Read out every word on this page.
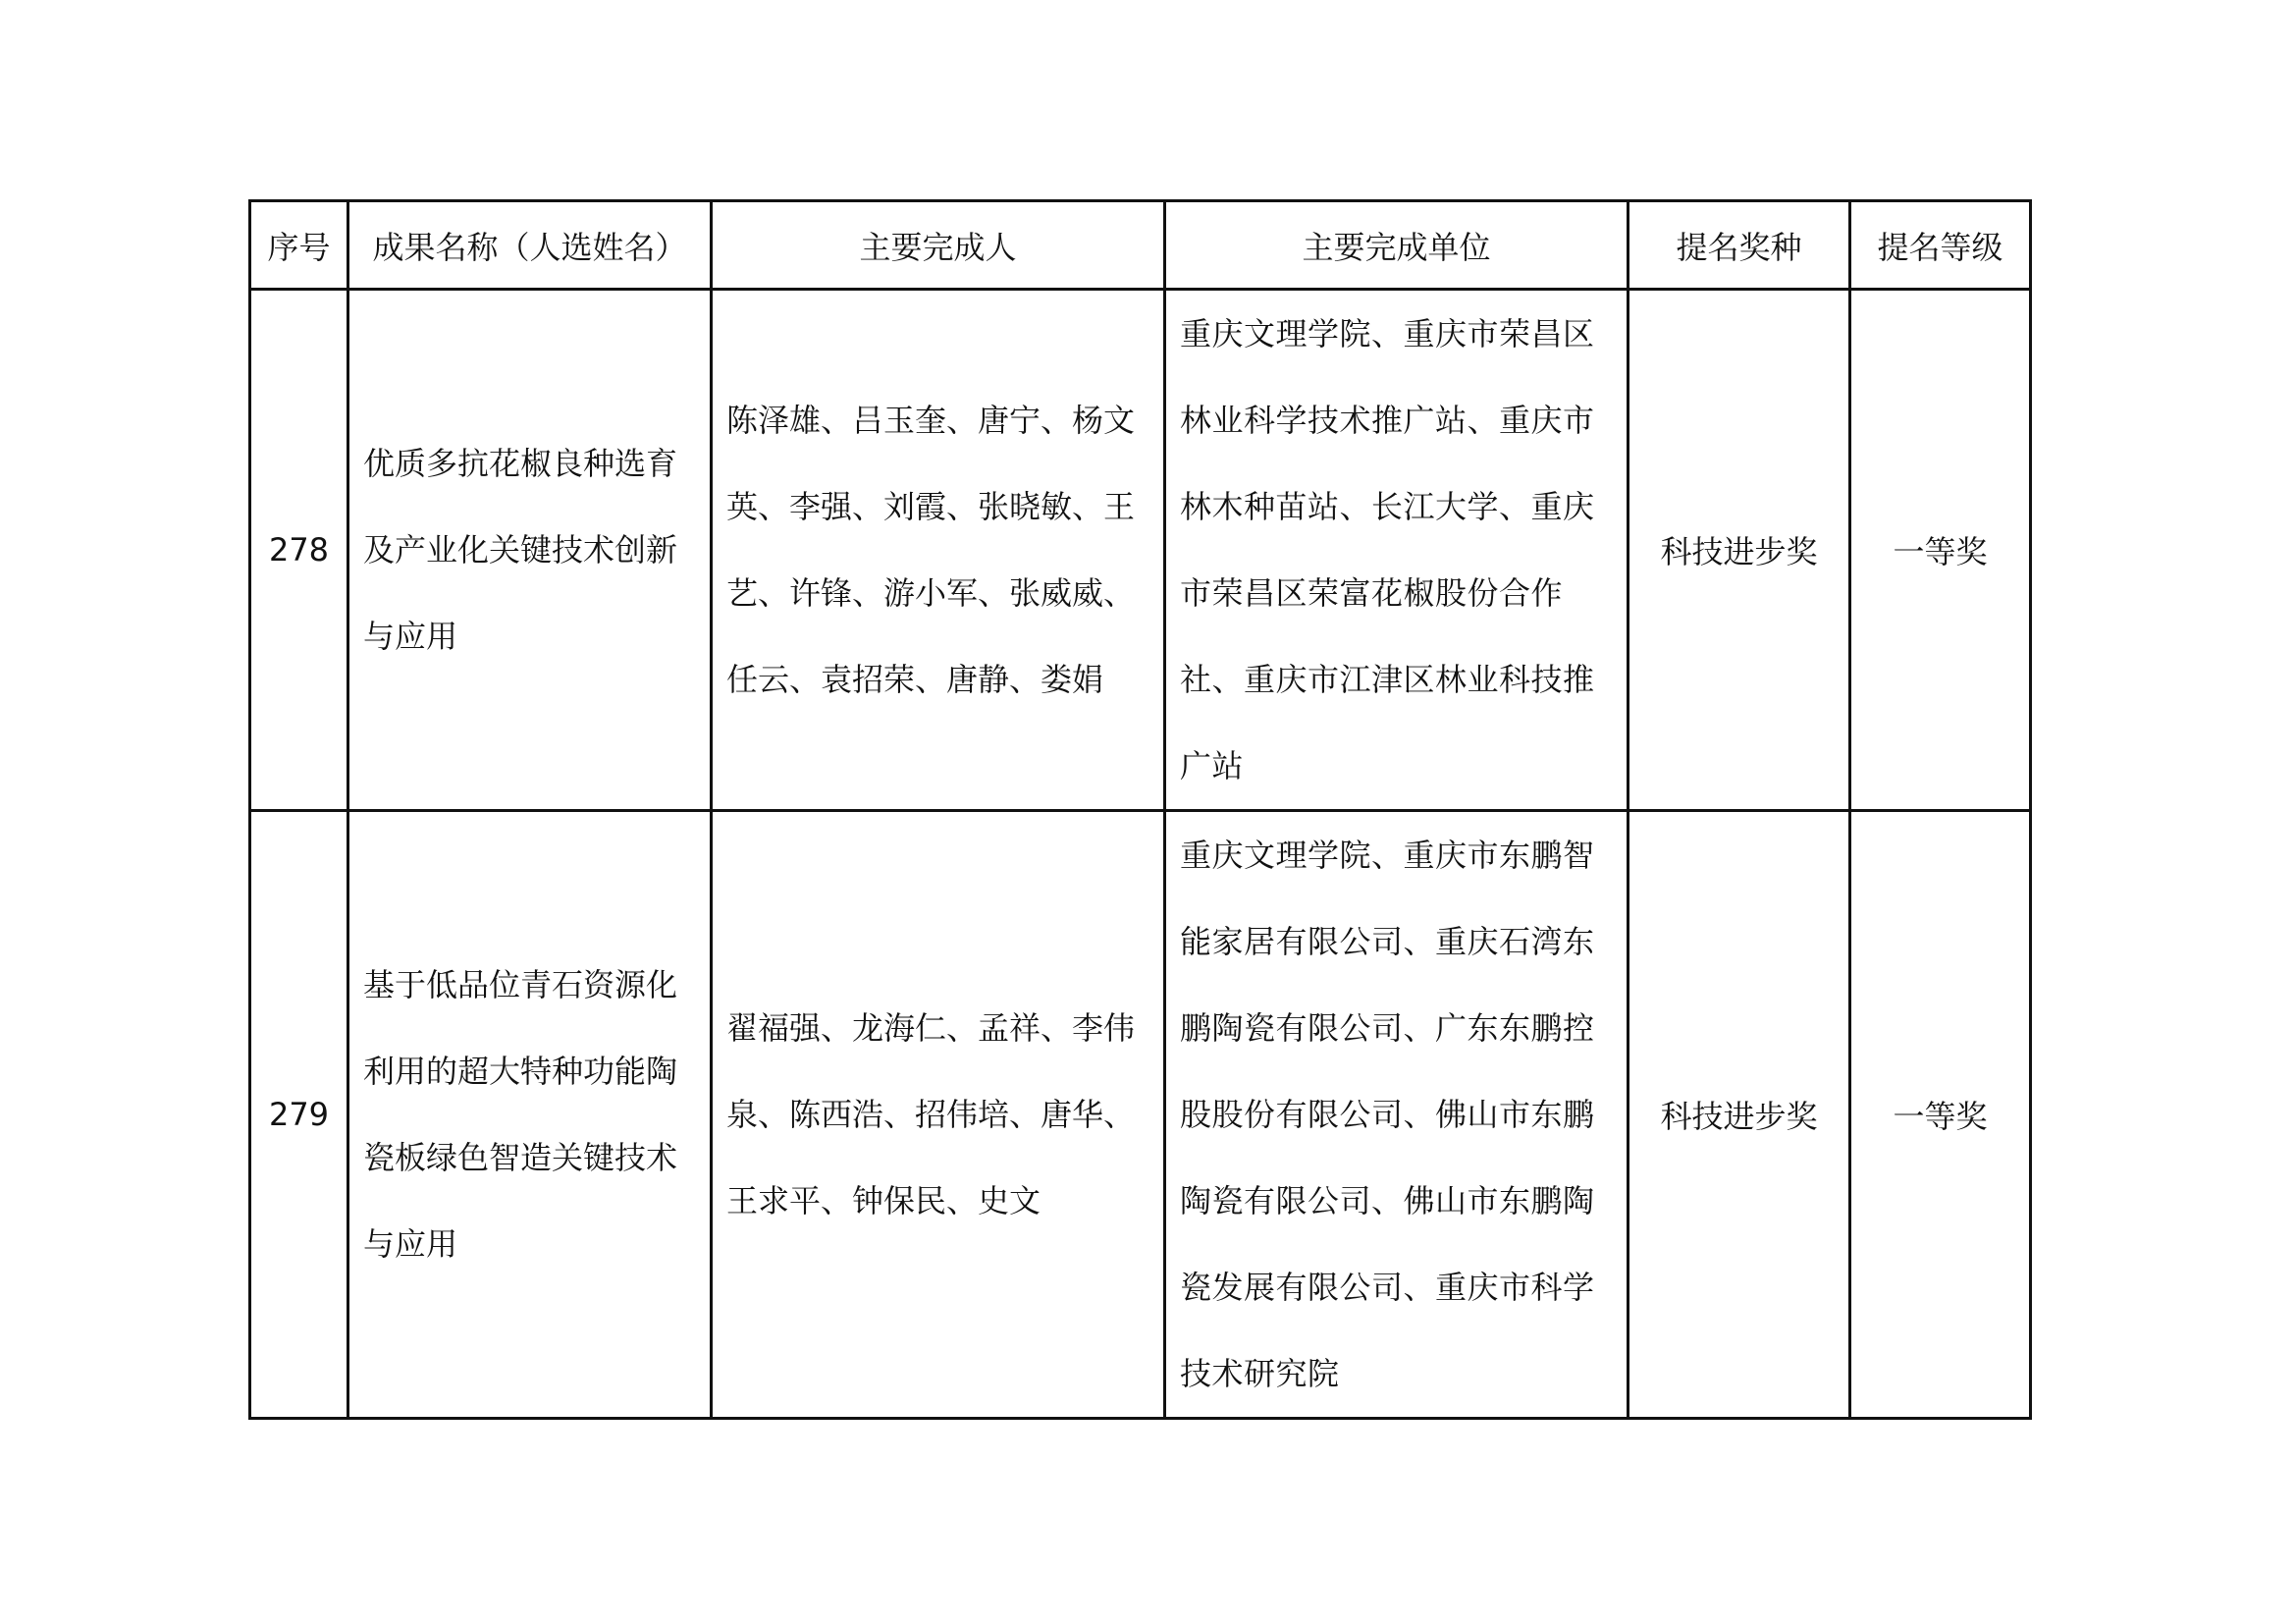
序号	成果名称（人选姓名）	主要完成人	主要完成单位	提名奖种	提名等级
278	优质多抗花椒良种选育及产业化关键技术创新与应用	陈泽雄、吕玉奎、唐宁、杨文英、李强、刘霞、张晓敏、王艺、许锋、游小军、张威威、任云、袁招荣、唐静、娄娟	重庆文理学院、重庆市荣昌区林业科学技术推广站、重庆市林木种苗站、长江大学、重庆市荣昌区荣富花椒股份合作社、重庆市江津区林业科技推广站	科技进步奖	一等奖
279	基于低品位青石资源化利用的超大特种功能陶瓷板绿色智造关键技术与应用	翟福强、龙海仁、孟祥、李伟泉、陈西浩、招伟培、唐华、王求平、钟保民、史文	重庆文理学院、重庆市东鹏智能家居有限公司、重庆石湾东鹏陶瓷有限公司、广东东鹏控股股份有限公司、佛山市东鹏陶瓷有限公司、佛山市东鹏陶瓷发展有限公司、重庆市科学技术研究院	科技进步奖	一等奖
